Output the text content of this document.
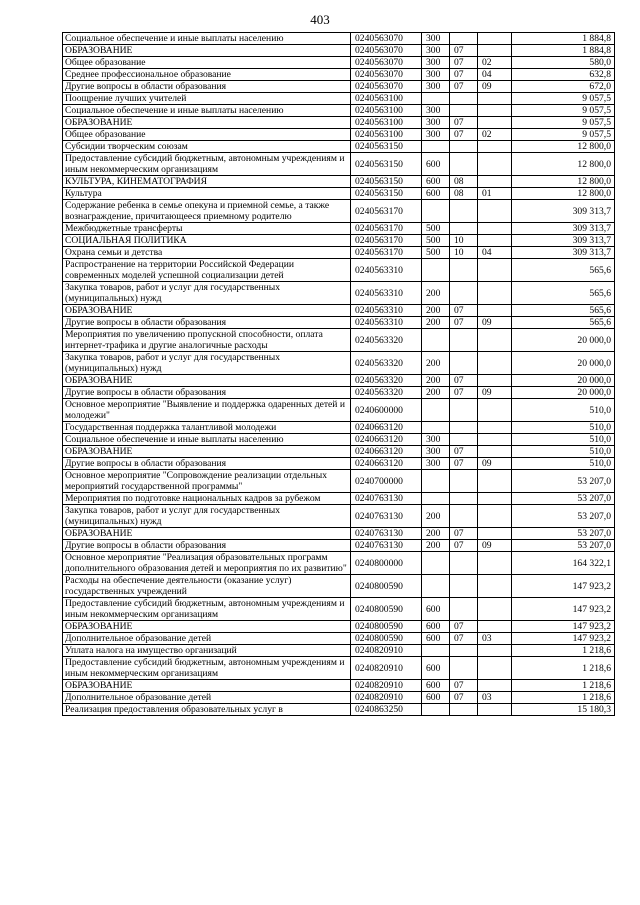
403
Социальное обеспечение и иные выплаты населению	0240563070	300			1 884,8
ОБРАЗОВАНИЕ	0240563070	300	07		1 884,8
Общее образование	0240563070	300	07	02	580,0
Среднее профессиональное образование	0240563070	300	07	04	632,8
Другие вопросы в области образования	0240563070	300	07	09	672,0
Поощрение лучших учителей	0240563100				9 057,5
Социальное обеспечение и иные выплаты населению	0240563100	300			9 057,5
ОБРАЗОВАНИЕ	0240563100	300	07		9 057,5
Общее образование	0240563100	300	07	02	9 057,5
Субсидии творческим союзам	0240563150				12 800,0
Предоставление субсидий бюджетным, автономным учреждениям и иным некоммерческим организациям	0240563150	600			12 800,0
КУЛЬТУРА, КИНЕМАТОГРАФИЯ	0240563150	600	08		12 800,0
Культура	0240563150	600	08	01	12 800,0
Содержание ребенка в семье опекуна и приемной семье, а также вознаграждение, причитающееся приемному родителю	0240563170				309 313,7
Межбюджетные трансферты	0240563170	500			309 313,7
СОЦИАЛЬНАЯ ПОЛИТИКА	0240563170	500	10		309 313,7
Охрана семьи и детства	0240563170	500	10	04	309 313,7
Распространение на территории Российской Федерации современных моделей успешной социализации детей	0240563310				565,6
Закупка товаров, работ и услуг для государственных (муниципальных) нужд	0240563310	200			565,6
ОБРАЗОВАНИЕ	0240563310	200	07		565,6
Другие вопросы в области образования	0240563310	200	07	09	565,6
Мероприятия по увеличению пропускной способности, оплата интернет-трафика и другие аналогичные расходы	0240563320				20 000,0
Закупка товаров, работ и услуг для государственных (муниципальных) нужд	0240563320	200			20 000,0
ОБРАЗОВАНИЕ	0240563320	200	07		20 000,0
Другие вопросы в области образования	0240563320	200	07	09	20 000,0
Основное мероприятие "Выявление и поддержка одаренных детей и молодежи"	0240600000				510,0
Государственная поддержка талантливой молодежи	0240663120				510,0
Социальное обеспечение и иные выплаты населению	0240663120	300			510,0
ОБРАЗОВАНИЕ	0240663120	300	07		510,0
Другие вопросы в области образования	0240663120	300	07	09	510,0
Основное мероприятие "Сопровождение реализации отдельных мероприятий государственной программы"	0240700000				53 207,0
Мероприятия по подготовке национальных кадров за рубежом	0240763130				53 207,0
Закупка товаров, работ и услуг для государственных (муниципальных) нужд	0240763130	200			53 207,0
ОБРАЗОВАНИЕ	0240763130	200	07		53 207,0
Другие вопросы в области образования	0240763130	200	07	09	53 207,0
Основное мероприятие "Реализация образовательных программ дополнительного образования детей и мероприятия по их развитию"	0240800000				164 322,1
Расходы на обеспечение деятельности (оказание услуг) государственных учреждений	0240800590				147 923,2
Предоставление субсидий бюджетным, автономным учреждениям и иным некоммерческим организациям	0240800590	600			147 923,2
ОБРАЗОВАНИЕ	0240800590	600	07		147 923,2
Дополнительное образование детей	0240800590	600	07	03	147 923,2
Уплата налога на имущество организаций	0240820910				1 218,6
Предоставление субсидий бюджетным, автономным учреждениям и иным некоммерческим организациям	0240820910	600			1 218,6
ОБРАЗОВАНИЕ	0240820910	600	07		1 218,6
Дополнительное образование детей	0240820910	600	07	03	1 218,6
Реализация предоставления образовательных услуг в	0240863250				15 180,3
